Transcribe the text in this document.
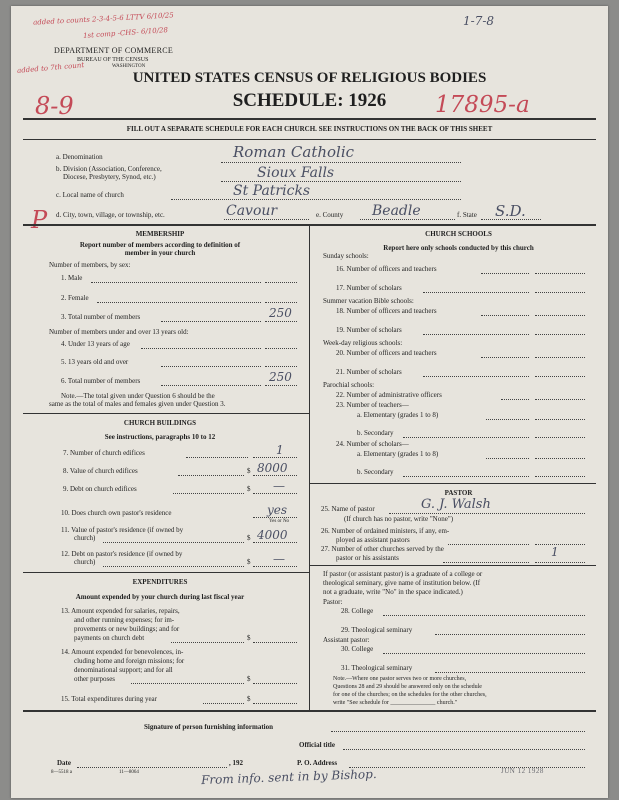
added to counts 2-3-4-5-6 LTTV 6/10/25
1st comp -CHS- 6/10/28
added to 7th count
1-7-8
8-9	17895-a
P
DEPARTMENT OF COMMERCE
BUREAU OF THE CENSUS
WASHINGTON
UNITED STATES CENSUS OF RELIGIOUS BODIES
SCHEDULE: 1926
FILL OUT A SEPARATE SCHEDULE FOR EACH CHURCH. SEE INSTRUCTIONS ON THE BACK OF THIS SHEET
a. Denomination	Roman Catholic
b. Division (Association, Conference,
Diocese, Presbytery, Synod, etc.)	Sioux Falls
c. Local name of church	St Patricks
d. City, town, village, or township, etc.	Cavour	e. County Beadle	f. State S.D.
MEMBERSHIP
Report number of members according to definition of
member in your church
Number of members, by sex:
1. Male
2. Female
3. Total number of members	250
Number of members under and over 13 years old:
4. Under 13 years of age
5. 13 years old and over
6. Total number of members	250
Note.—The total given under Question 6 should be the
same as the total of males and females given under Question 3.
CHURCH BUILDINGS
See instructions, paragraphs 10 to 12
7. Number of church edifices	1
8. Value of church edifices	$ 8000
9. Debt on church edifices	$ —
10. Does church own pastor's residence	yes
Yes or No
11. Value of pastor's residence (if owned by
church)	$ 4000
12. Debt on pastor's residence (if owned by
church)	$ —
EXPENDITURES
Amount expended by your church during last fiscal year
13. Amount expended for salaries, repairs,
and other running expenses; for im-
provements or new buildings; and for
payments on church debt	$
14. Amount expended for benevolences, in-
cluding home and foreign missions; for
denominational support; and for all
other purposes	$
15. Total expenditures during year	$
CHURCH SCHOOLS
Report here only schools conducted by this church
Sunday schools:
16. Number of officers and teachers
17. Number of scholars
Summer vacation Bible schools:
18. Number of officers and teachers
19. Number of scholars
Week-day religious schools:
20. Number of officers and teachers
21. Number of scholars
Parochial schools:
22. Number of administrative officers
23. Number of teachers—
a. Elementary (grades 1 to 8)
b. Secondary
24. Number of scholars—
a. Elementary (grades 1 to 8)
b. Secondary
PASTOR
25. Name of pastor	G. J. Walsh
(If church has no pastor, write "None")
26. Number of ordained ministers, if any, em-
ployed as assistant pastors
27. Number of other churches served by the
pastor or his assistants	1
If pastor (or assistant pastor) is a graduate of a college or
theological seminary, give name of institution below. (If
not a graduate, write "No" in the space indicated.)
Pastor:
28. College
29. Theological seminary
Assistant pastor:
30. College
31. Theological seminary
Note.—Where one pastor serves two or more churches,
Questions 28 and 29 should be answered only on the schedule
for one of the churches; on the schedules for the other churches,
write "See schedule for _______________ church."
Signature of person furnishing information
Official title
Date	, 192	P. O. Address
8—5518 a	11—8064	From info. sent in by Bishop.	JUN 12 1928
